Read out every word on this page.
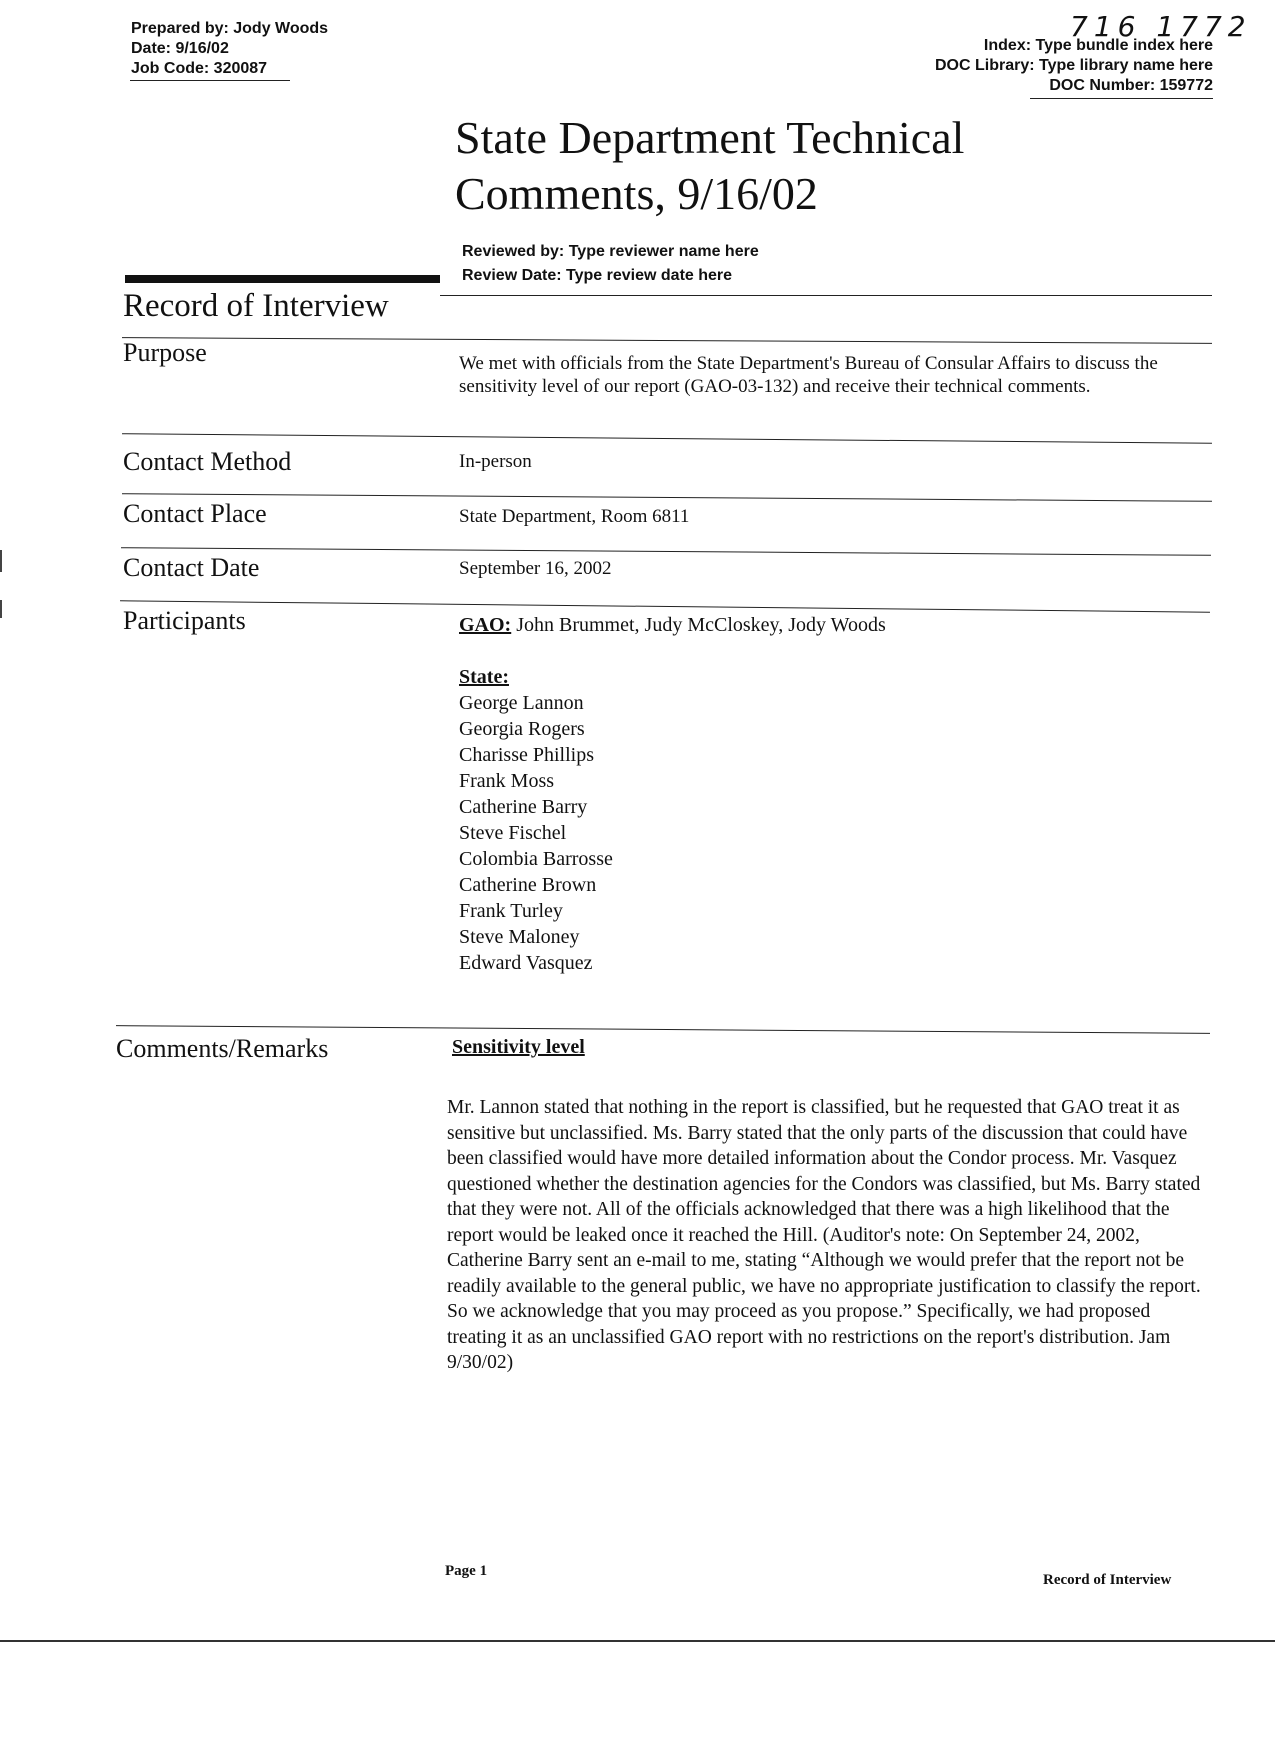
716 1772
Prepared by: Jody Woods
Date: 9/16/02
Job Code: 320087
Index: Type bundle index here
DOC Library: Type library name here
DOC Number: 159772
State Department Technical
Comments, 9/16/02
Reviewed by: Type reviewer name here
Review Date: Type review date here
Record of Interview
Purpose	We met with officials from the State Department's Bureau of Consular Affairs to discuss the sensitivity level of our report (GAO-03-132) and receive their technical comments.
Contact Method	In-person
Contact Place	State Department, Room 6811
Contact Date	September 16, 2002
Participants	GAO: John Brummet, Judy McCloskey, Jody Woods
State:
George Lannon
Georgia Rogers
Charisse Phillips
Frank Moss
Catherine Barry
Steve Fischel
Colombia Barrosse
Catherine Brown
Frank Turley
Steve Maloney
Edward Vasquez
Comments/Remarks	Sensitivity level
Mr. Lannon stated that nothing in the report is classified, but he requested that GAO treat it as sensitive but unclassified. Ms. Barry stated that the only parts of the discussion that could have been classified would have more detailed information about the Condor process. Mr. Vasquez questioned whether the destination agencies for the Condors was classified, but Ms. Barry stated that they were not. All of the officials acknowledged that there was a high likelihood that the report would be leaked once it reached the Hill. (Auditor's note: On September 24, 2002, Catherine Barry sent an e-mail to me, stating “Although we would prefer that the report not be readily available to the general public, we have no appropriate justification to classify the report. So we acknowledge that you may proceed as you propose.” Specifically, we had proposed treating it as an unclassified GAO report with no restrictions on the report's distribution. Jam 9/30/02)
Page 1
Record of Interview
